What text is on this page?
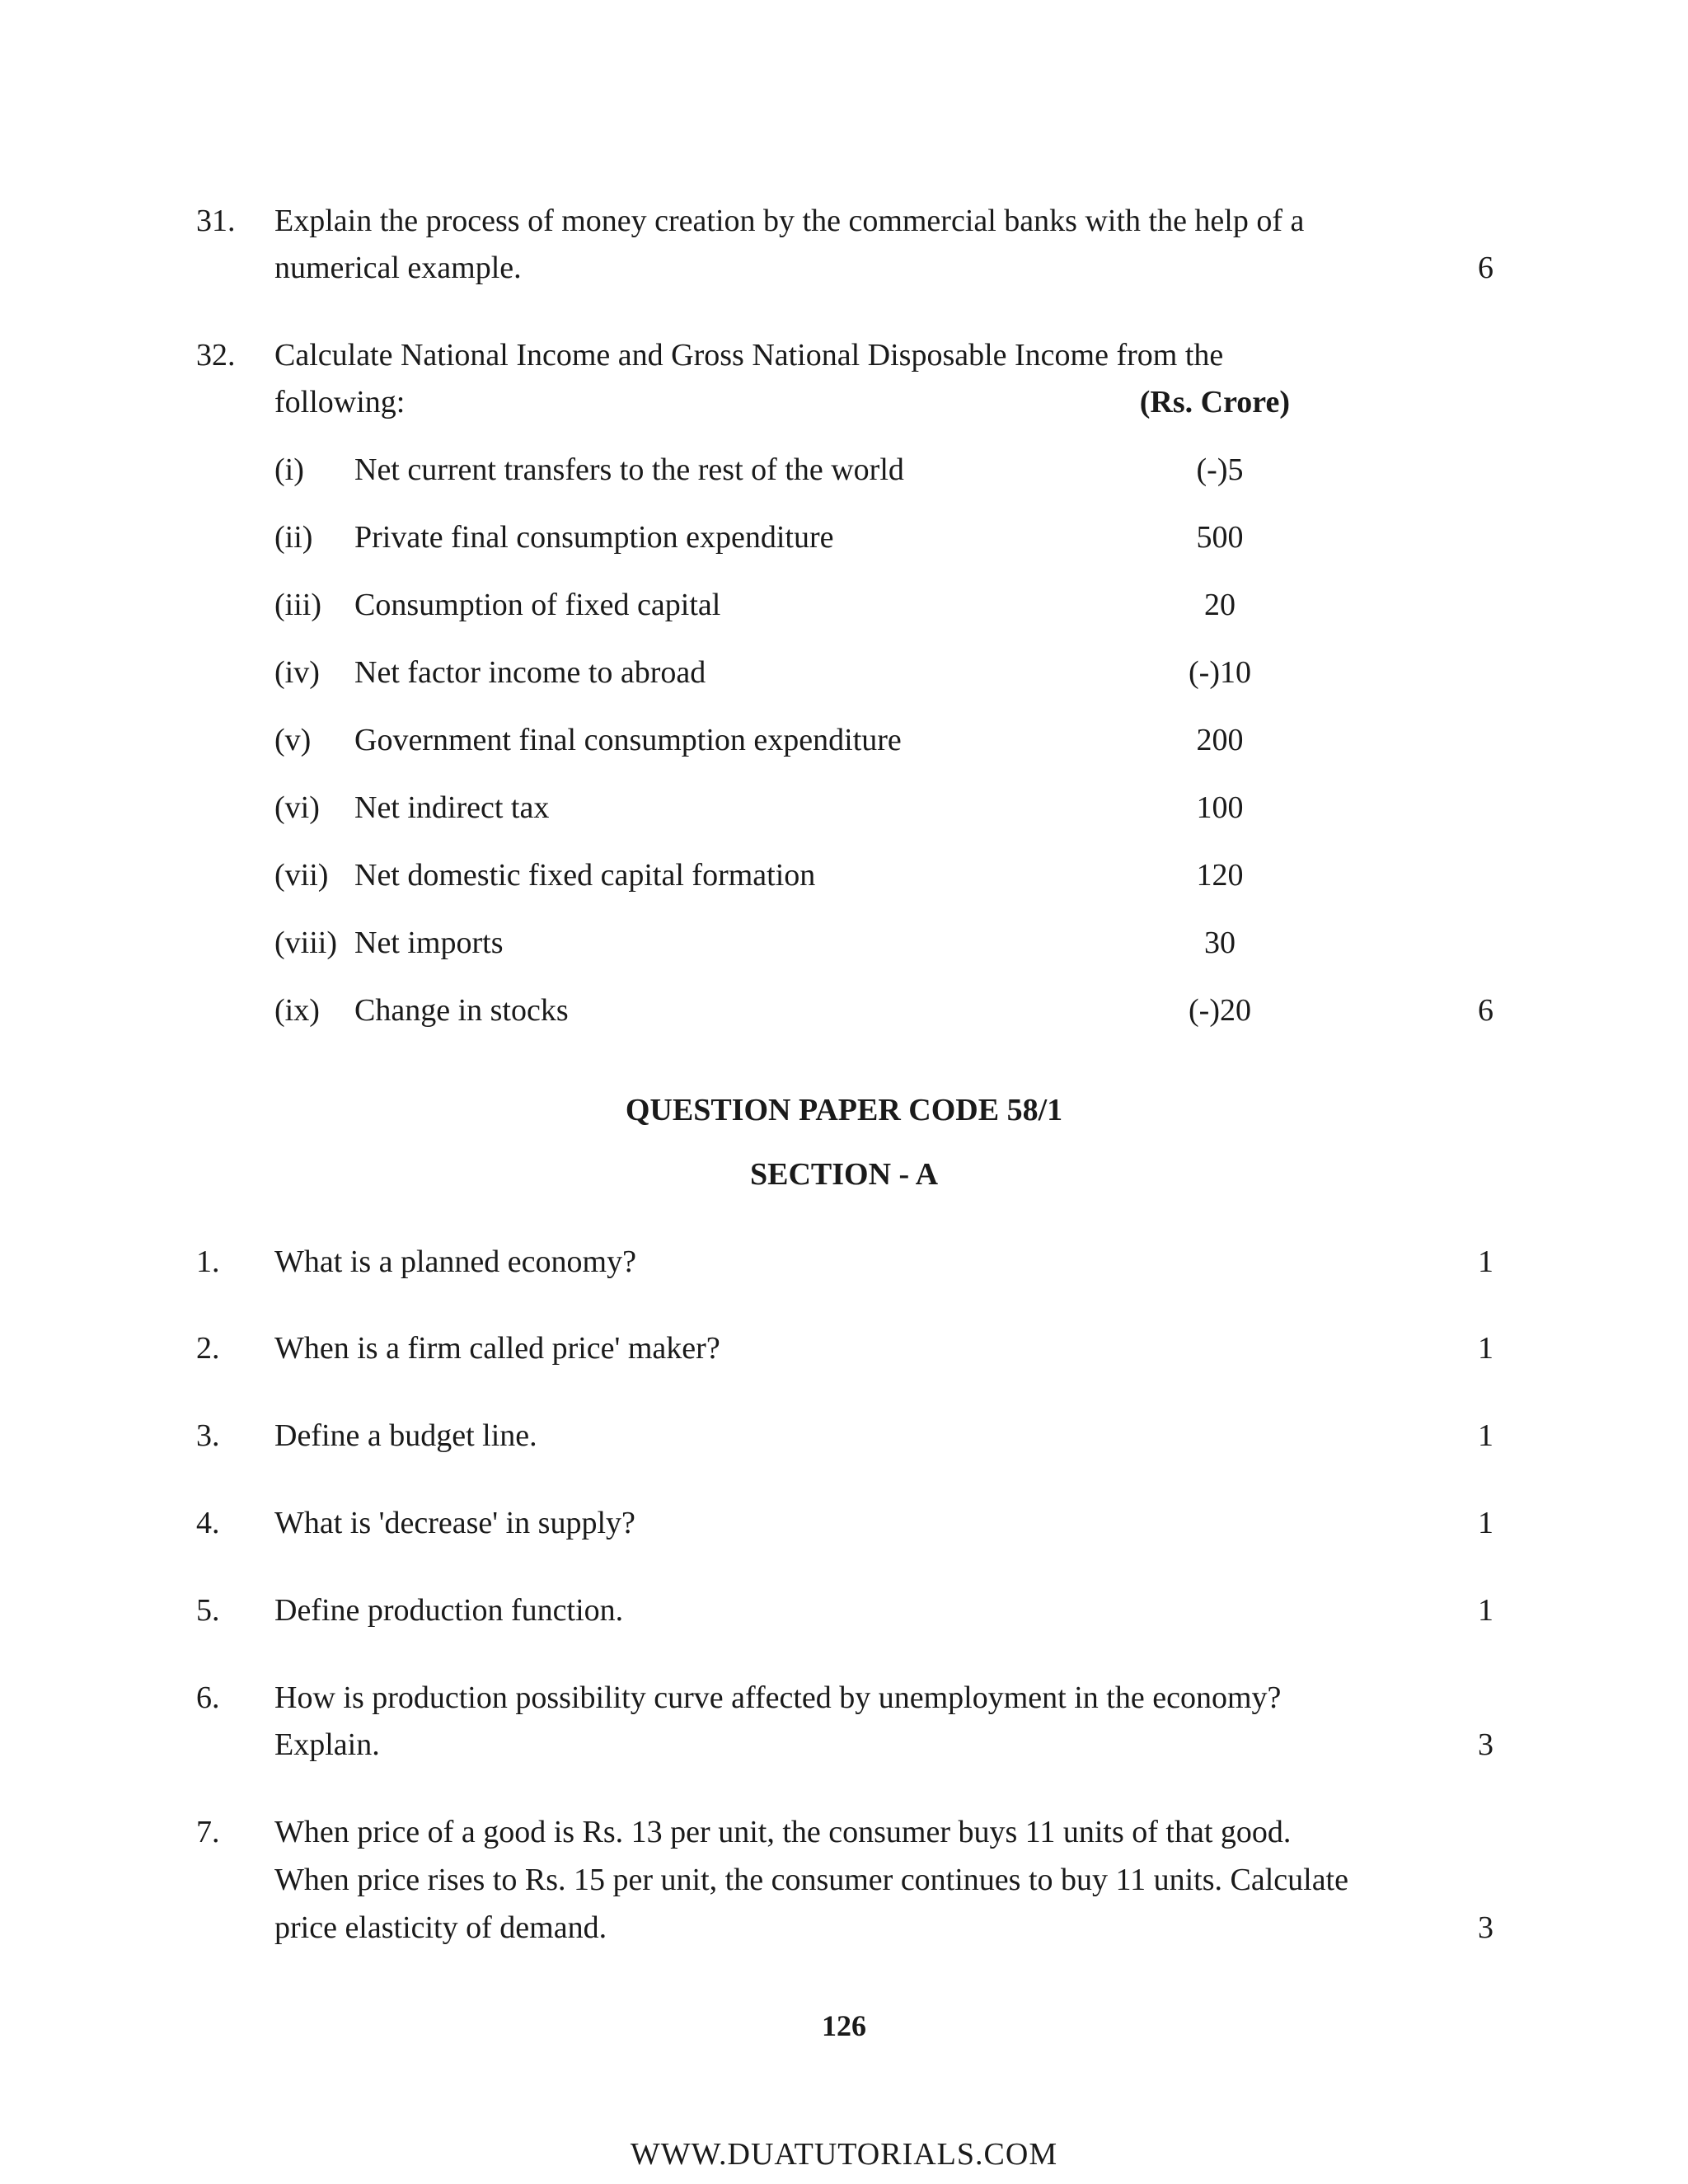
31. Explain the process of money creation by the commercial banks with the help of a
numerical example.	6
32. Calculate National Income and Gross National Disposable Income from the
following:	(Rs. Crore)
(i) Net current transfers to the rest of the world	(-)5
(ii) Private final consumption expenditure	500
(iii) Consumption of fixed capital	20
(iv) Net factor income to abroad	(-)10
(v) Government final consumption expenditure	200
(vi) Net indirect tax	100
(vii) Net domestic fixed capital formation	120
(viii) Net imports	30
(ix) Change in stocks	(-)20	6
QUESTION PAPER CODE 58/1
SECTION - A
1. What is a planned economy?	1
2. When is a firm called price' maker?	1
3. Define a budget line.	1
4. What is 'decrease' in supply?	1
5. Define production function.	1
6. How is production possibility curve affected by unemployment in the economy?
Explain.	3
7. When price of a good is Rs. 13 per unit, the consumer buys 11 units of that good.
When price rises to Rs. 15 per unit, the consumer continues to buy 11 units. Calculate
price elasticity of demand.	3
126
WWW.DUATUTORIALS.COM
